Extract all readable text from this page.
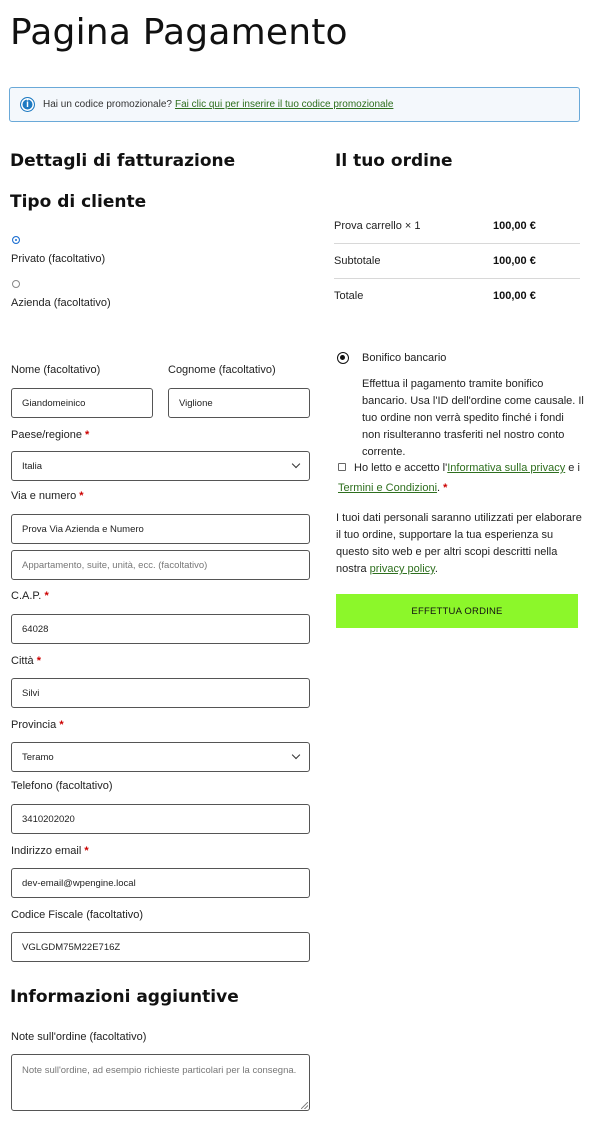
Pagina Pagamento
i	Hai un codice promozionale? Fai clic qui per inserire il tuo codice promozionale
Dettagli di fatturazione
Tipo di cliente
Privato (facoltativo)
Azienda (facoltativo)
Nome (facoltativo)	Cognome (facoltativo)
Giandomeinico	Viglione
Paese/regione *
Italia
Via e numero *
Prova Via Azienda e Numero
Appartamento, suite, unità, ecc. (facoltativo)
C.A.P. *
64028
Città *
Silvi
Provincia *
Teramo
Telefono (facoltativo)
3410202020
Indirizzo email *
dev-email@wpengine.local
Codice Fiscale (facoltativo)
VGLGDM75M22E716Z
Informazioni aggiuntive
Note sull'ordine (facoltativo)
Note sull'ordine, ad esempio richieste particolari per la consegna.
Il tuo ordine
Prova carrello × 1	100,00 €
Subtotale	100,00 €
Totale	100,00 €
Bonifico bancario
Effettua il pagamento tramite bonifico bancario. Usa l'ID dell'ordine come causale. Il tuo ordine non verrà spedito finché i fondi non risulteranno trasferiti nel nostro conto corrente.
Ho letto e accetto l'Informativa sulla privacy e i Termini e Condizioni. *
I tuoi dati personali saranno utilizzati per elaborare il tuo ordine, supportare la tua esperienza su questo sito web e per altri scopi descritti nella nostra privacy policy.
EFFETTUA ORDINE
